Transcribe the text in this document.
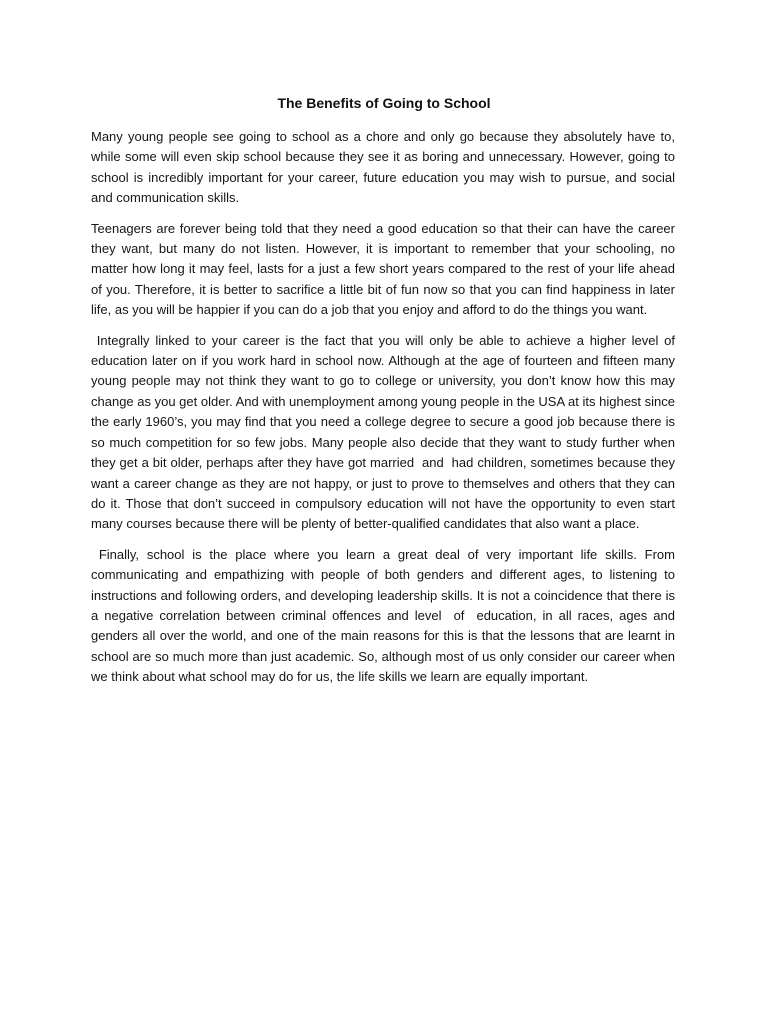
The Benefits of Going to School

Many young people see going to school as a chore and only go because they absolutely have to, while some will even skip school because they see it as boring and unnecessary. However, going to school is incredibly important for your career, future education you may wish to pursue, and social and communication skills.

Teenagers are forever being told that they need a good education so that their can have the career they want, but many do not listen. However, it is important to remember that your schooling, no matter how long it may feel, lasts for a just a few short years compared to the rest of your life ahead of you. Therefore, it is better to sacrifice a little bit of fun now so that you can find happiness in later life, as you will be happier if you can do a job that you enjoy and afford to do the things you want.

Integrally linked to your career is the fact that you will only be able to achieve a higher level of education later on if you work hard in school now. Although at the age of fourteen and fifteen many young people may not think they want to go to college or university, you don’t know how this may change as you get older. And with unemployment among young people in the USA at its highest since the early 1960’s, you may find that you need a college degree to secure a good job because there is so much competition for so few jobs. Many people also decide that they want to study further when they get a bit older, perhaps after they have got married  and  had children, sometimes because they want a career change as they are not happy, or just to prove to themselves and others that they can do it. Those that don’t succeed in compulsory education will not have the opportunity to even start many courses because there will be plenty of better-qualified candidates that also want a place.

Finally, school is the place where you learn a great deal of very important life skills. From communicating and empathizing with people of both genders and different ages, to listening to instructions and following orders, and developing leadership skills. It is not a coincidence that there is  a negative correlation between criminal offences and level  of  education, in all races, ages and genders all over the world, and one of the main reasons for this is that the lessons that are learnt in school are so much more than just academic. So, although most of us only consider our career when we think about what school may do for us, the life skills we learn are equally important.
